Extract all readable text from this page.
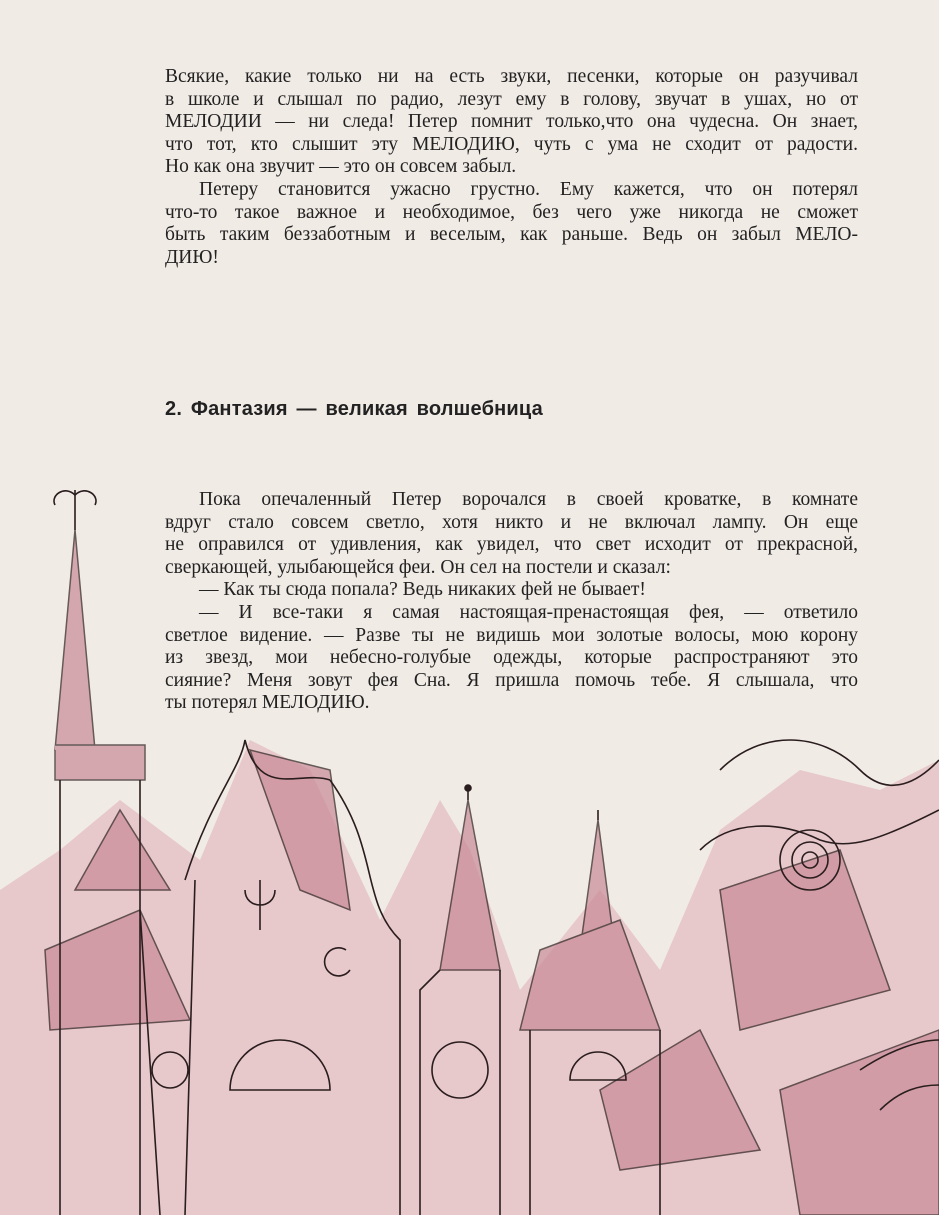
Всякие, какие только ни на есть звуки, песенки, которые он разучивал
в школе и слышал по радио, лезут ему в голову, звучат в ушах, но от
МЕЛОДИИ — ни следа! Петер помнит только,что она чудесна. Он знает,
что тот, кто слышит эту МЕЛОДИЮ, чуть с ума не сходит от радости.
Но как она звучит — это он совсем забыл.
Петеру становится ужасно грустно. Ему кажется, что он потерял
что-то такое важное и необходимое, без чего уже никогда не сможет
быть таким беззаботным и веселым, как раньше. Ведь он забыл МЕЛО-
ДИЮ!
2. Фантазия — великая волшебница
Пока опечаленный Петер ворочался в своей кроватке, в комнате
вдруг стало совсем светло, хотя никто и не включал лампу. Он еще
не оправился от удивления, как увидел, что свет исходит от прекрасной,
сверкающей, улыбающейся феи. Он сел на постели и сказал:
— Как ты сюда попала? Ведь никаких фей не бывает!
— И все-таки я самая настоящая-пренастоящая фея, — ответило
светлое видение. — Разве ты не видишь мои золотые волосы, мою корону
из звезд, мои небесно-голубые одежды, которые распространяют это
сияние? Меня зовут фея Сна. Я пришла помочь тебе. Я слышала, что
ты потерял МЕЛОДИЮ.
